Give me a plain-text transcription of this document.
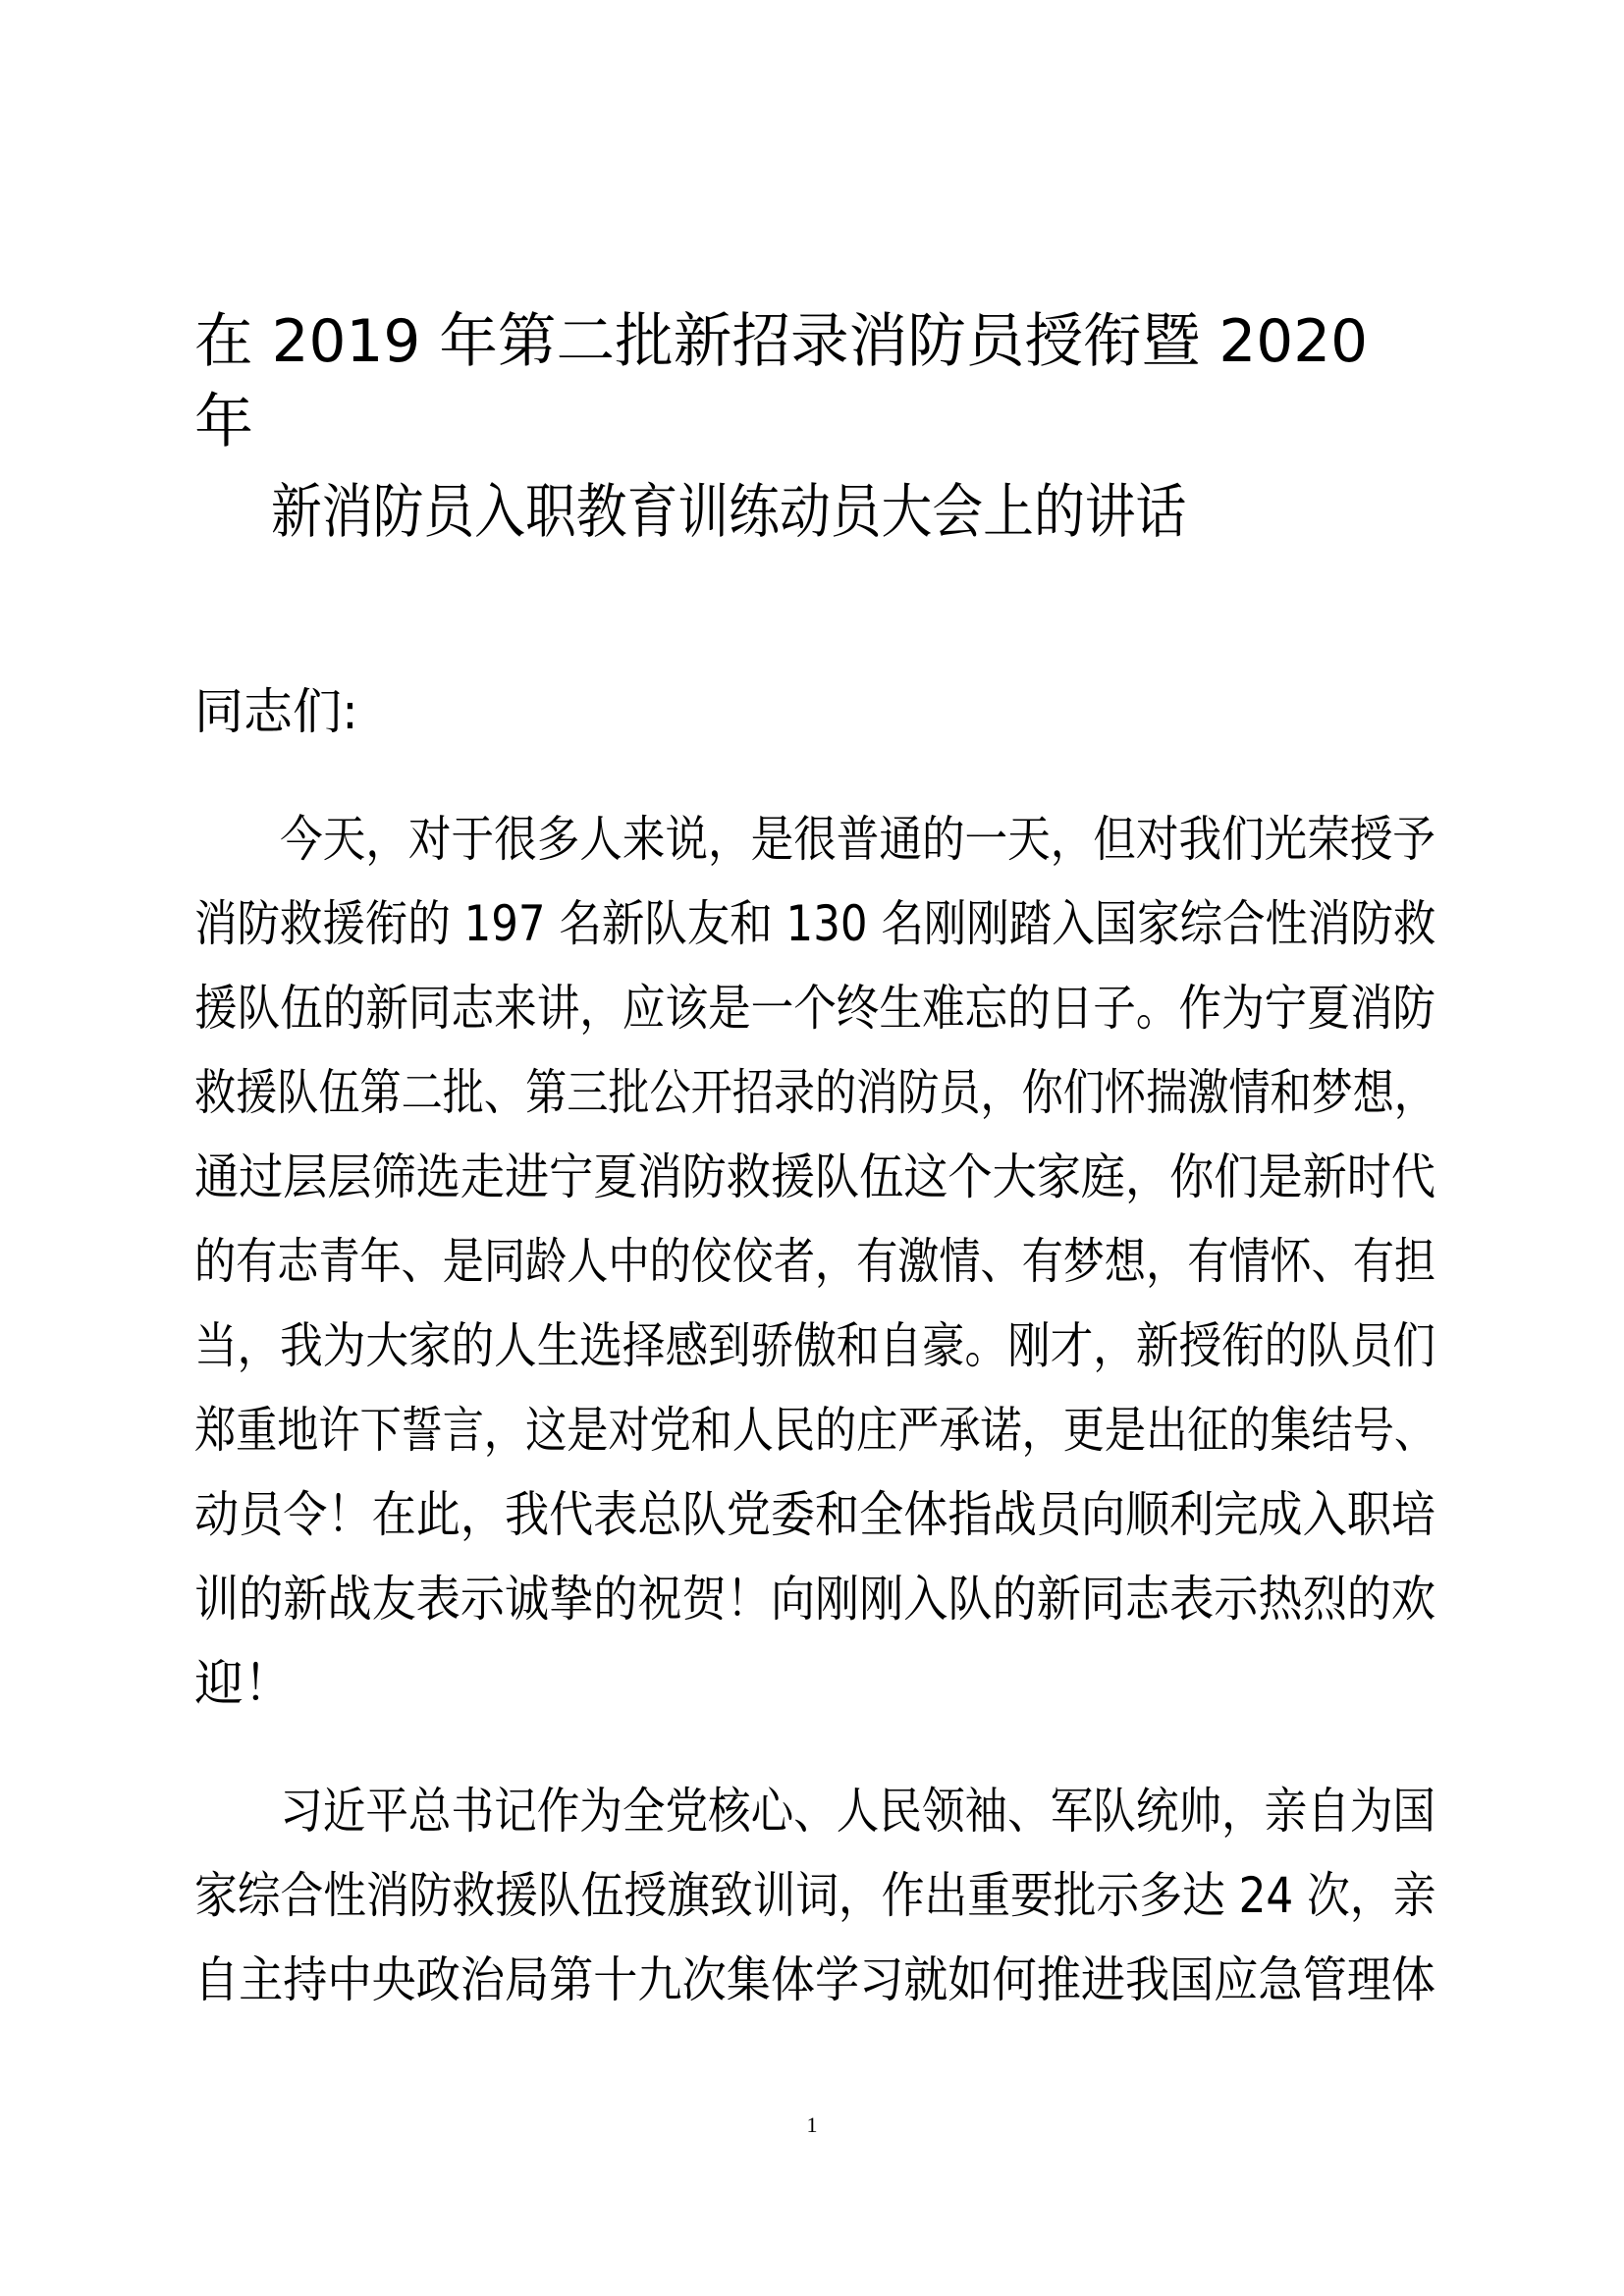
在 2019 年第二批新招录消防员授衔暨 2020
年
新消防员入职教育训练动员大会上的讲话
同志们:
　　今天，对于很多人来说，是很普通的一天，但对我们光荣授予
消防救援衔的 197 名新队友和 130 名刚刚踏入国家综合性消防救
援队伍的新同志来讲，应该是一个终生难忘的日子。作为宁夏消防
救援队伍第二批、第三批公开招录的消防员，你们怀揣激情和梦想，
通过层层筛选走进宁夏消防救援队伍这个大家庭，你们是新时代
的有志青年、是同龄人中的佼佼者，有激情、有梦想，有情怀、有担
当，我为大家的人生选择感到骄傲和自豪。刚才，新授衔的队员们
郑重地许下誓言，这是对党和人民的庄严承诺，更是出征的集结号、
动员令！在此，我代表总队党委和全体指战员向顺利完成入职培
训的新战友表示诚挚的祝贺！向刚刚入队的新同志表示热烈的欢
迎！
　　习近平总书记作为全党核心、人民领袖、军队统帅，亲自为国
家综合性消防救援队伍授旗致训词，作出重要批示多达 24 次，亲
自主持中央政治局第十九次集体学习就如何推进我国应急管理体
1
